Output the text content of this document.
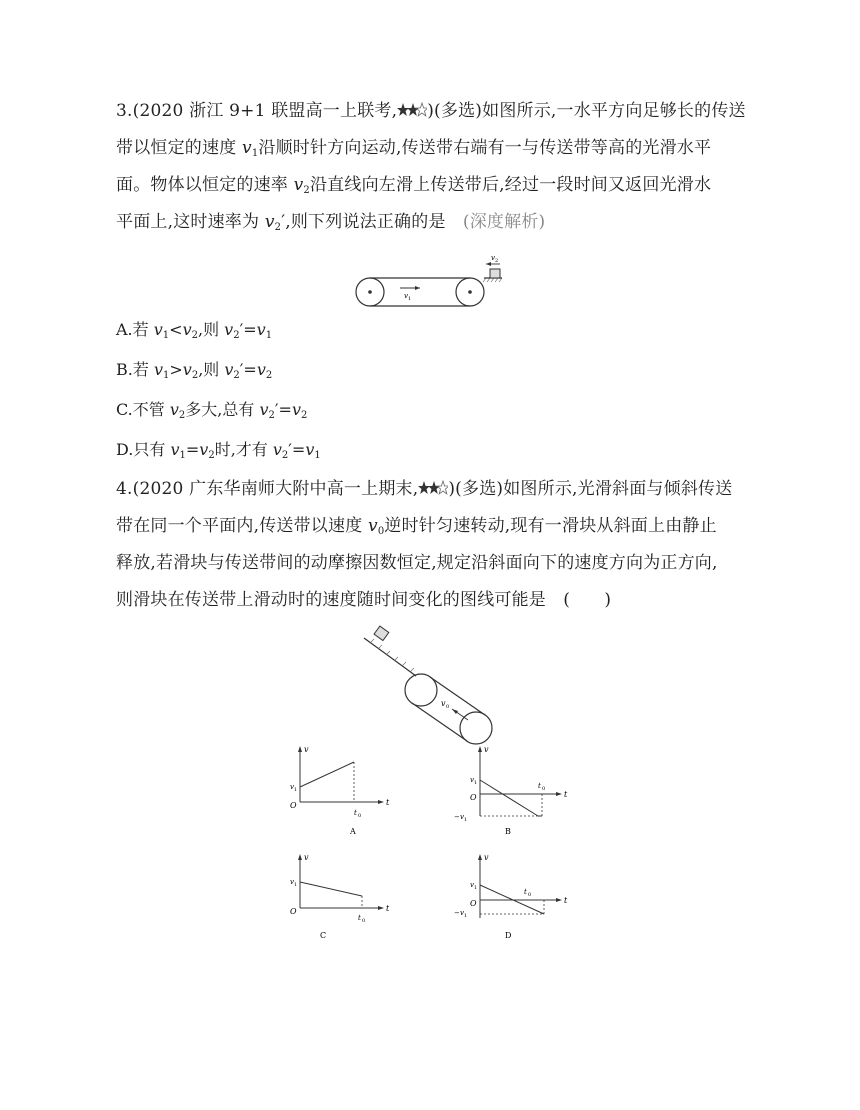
3.(2020 浙江 9+1 联盟高一上联考, )(多选)如图所示,一水平方向足够长的传送
带以恒定的速度 $v_1$沿顺时针方向运动,传送带右端有一与传送带等高的光滑水平
面。物体以恒定的速率 $v_2$沿直线向左滑上传送带后,经过一段时间又返回光滑水
平面上,这时速率为 $v_2'$,则下列说法正确的是　(深度解析)
v 1
v 2
A.若 $v_1<v_2$,则 $v_2'=v_1$
B.若 $v_1>v_2$,则 $v_2'=v_2$
C.不管 $v_2$多大,总有 $v_2'=v_2$
D.只有 $v_1=v_2$时,才有 $v_2'=v_1$
4.(2020 广东华南师大附中高一上期末, )(多选)如图所示,光滑斜面与倾斜传送
带在同一个平面内,传送带以速度 $v_0$逆时针匀速转动,现有一滑块从斜面上由静止
释放,若滑块与传送带间的动摩擦因数恒定,规定沿斜面向下的速度方向为正方向,
则滑块在传送带上滑动时的速度随时间变化的图线可能是　(　　)
v 0
v
t
O
v 1
t 0
A
v
t
O
v 1
− v 1
t 0
B
v
t
O
v 1
t 0
C
v
t
O
v 1
− v 1
t 0
D
